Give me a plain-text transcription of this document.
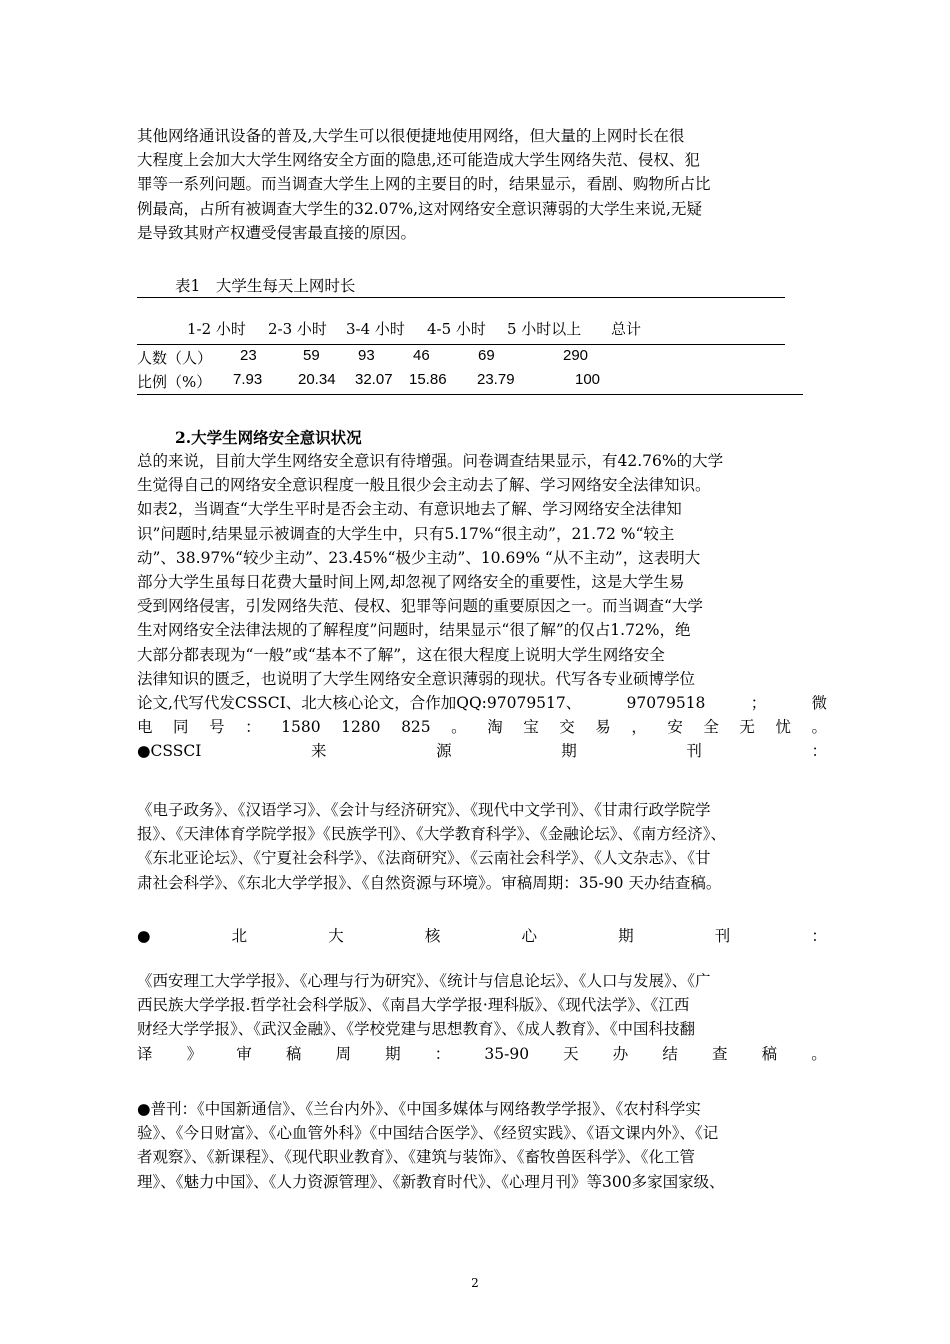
其他网络通讯设备的普及,大学生可以很便捷地使用网络，但大量的上网时长在很
大程度上会加大大学生网络安全方面的隐患,还可能造成大学生网络失范、侵权、犯
罪等一系列问题。而当调查大学生上网的主要目的时，结果显示，看剧、购物所占比
例最高，占所有被调查大学生的32.07%,这对网络安全意识薄弱的大学生来说,无疑
是导致其财产权遭受侵害最直接的原因。

表1　大学生每天上网时长
1-2 小时 2-3 小时 3-4 小时 4-5 小时 5 小时以上 总计
人数（人） 23	59	93	46	69	290
比例（%） 7.93 20.34 32.07 15.86 23.79	100
2.大学生网络安全意识状况

总的来说，目前大学生网络安全意识有待增强。问卷调查结果显示，有42.76%的大学
生觉得自己的网络安全意识程度一般且很少会主动去了解、学习网络安全法律知识。
如表2，当调查“大学生平时是否会主动、有意识地去了解、学习网络安全法律知
识”问题时,结果显示被调查的大学生中，只有5.17%“很主动”，21.72 %“较主
动”、38.97%“较少主动”、23.45%“极少主动”、10.69% “从不主动”，这表明大
部分大学生虽每日花费大量时间上网,却忽视了网络安全的重要性，这是大学生易
受到网络侵害，引发网络失范、侵权、犯罪等问题的重要原因之一。而当调查“大学
生对网络安全法律法规的了解程度”问题时，结果显示“很了解”的仅占1.72%，绝
大部分都表现为“一般”或“基本不了解”，这在很大程度上说明大学生网络安全
法律知识的匮乏，也说明了大学生网络安全意识薄弱的现状。代写各专业硕博学位

论文,代写代发CSSCI、北大核心论文，合作加QQ:97079517、	97079518	；	微
电 同 号 ： 1580 1280 825 。 淘 宝 交 易 ， 安 全 无 忧 。
●CSSCI	来	源	期	刊	：

《电子政务》、《汉语学习》、《会计与经济研究》、《现代中文学刊》、《甘肃行政学院学
报》、《天津体育学院学报》《民族学刊》、《大学教育科学》、《金融论坛》、《南方经济》、
《东北亚论坛》、《宁夏社会科学》、《法商研究》、《云南社会科学》、《人文杂志》、《甘
肃社会科学》、《东北大学学报》、《自然资源与环境》。审稿周期：35-90 天办结查稿。

●	北	大	核	心	期	刊	：

《西安理工大学学报》、《心理与行为研究》、《统计与信息论坛》、《人口与发展》、《广
西民族大学学报.哲学社会科学版》、《南昌大学学报·理科版》、《现代法学》、《江西
财经大学学报》、《武汉金融》、《学校党建与思想教育》、《成人教育》、《中国科技翻

译 》 审 稿 周 期 ： 35-90 天 办 结 查 稿 。

●普刊：《中国新通信》、《兰台内外》、《中国多媒体与网络教学学报》、《农村科学实
验》、《今日财富》、《心血管外科》《中国结合医学》、《经贸实践》、《语文课内外》、《记
者观察》、《新课程》、《现代职业教育》、《建筑与装饰》、《畜牧兽医科学》、《化工管
理》、《魅力中国》、《人力资源管理》、《新教育时代》、《心理月刊》等300多家国家级、

2
